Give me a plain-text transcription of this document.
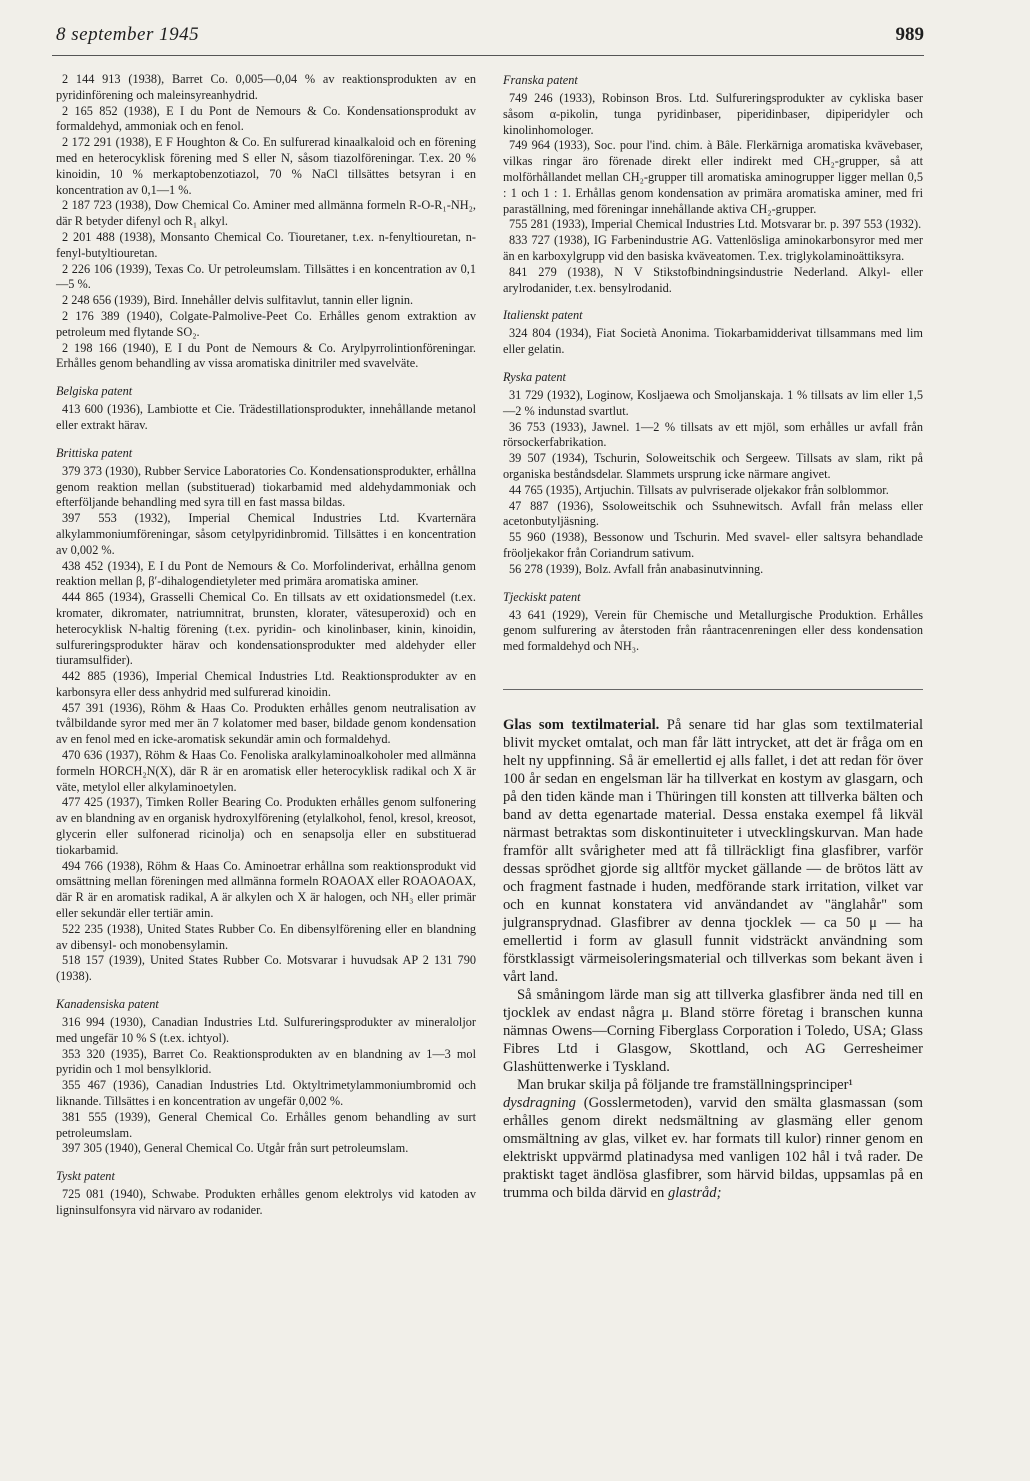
8 september 1945	989

2 144 913 (1938), Barret Co. 0,005—0,04 % av reaktionsprodukten av en pyridinförening och maleinsyreanhydrid.

2 165 852 (1938), E I du Pont de Nemours & Co. Kondensationsprodukt av formaldehyd, ammoniak och en fenol.

2 172 291 (1938), E F Houghton & Co. En sulfurerad kinaalkaloid och en förening med en heterocyklisk förening med S eller N, såsom tiazolföreningar. T.ex. 20 % kinoidin, 10 % merkaptobenzotiazol, 70 % NaCl tillsättes betsyran i en koncentration av 0,1—1 %.

2 187 723 (1938), Dow Chemical Co. Aminer med allmänna formeln R-O-R₁-NH₂, där R betyder difenyl och R₁ alkyl.

2 201 488 (1938), Monsanto Chemical Co. Tiouretaner, t.ex. n-fenyltiouretan, n-fenyl-butyltiouretan.

2 226 106 (1939), Texas Co. Ur petroleumslam. Tillsättes i en koncentration av 0,1—5 %.

2 248 656 (1939), Bird. Innehåller delvis sulfitavlut, tannin eller lignin.

2 176 389 (1940), Colgate-Palmolive-Peet Co. Erhålles genom extraktion av petroleum med flytande SO₂.

2 198 166 (1940), E I du Pont de Nemours & Co. Arylpyrrolintionföreningar. Erhålles genom behandling av vissa aromatiska dinitriler med svavelväte.

Belgiska patent

413 600 (1936), Lambiotte et Cie. Trädestillationsprodukter, innehållande metanol eller extrakt härav.

Brittiska patent

379 373 (1930), Rubber Service Laboratories Co. Kondensationsprodukter, erhållna genom reaktion mellan (substituerad) tiokarbamid med aldehydammoniak och efterföljande behandling med syra till en fast massa bildas.

397 553 (1932), Imperial Chemical Industries Ltd. Kvarternära alkylammoniumföreningar, såsom cetylpyridinbromid. Tillsättes i en koncentration av 0,002 %.

438 452 (1934), E I du Pont de Nemours & Co. Morfolinderivat, erhållna genom reaktion mellan β, β′-dihalogendietyleter med primära aromatiska aminer.

444 865 (1934), Grasselli Chemical Co. En tillsats av ett oxidationsmedel (t.ex. kromater, dikromater, natriumnitrat, brunsten, klorater, vätesuperoxid) och en heterocyklisk N-haltig förening (t.ex. pyridin- och kinolinbaser, kinin, kinoidin, sulfureringsprodukter härav och kondensationsprodukter med aldehyder eller tiuramsulfider).

442 885 (1936), Imperial Chemical Industries Ltd. Reaktionsprodukter av en karbonsyra eller dess anhydrid med sulfurerad kinoidin.

457 391 (1936), Röhm & Haas Co. Produkten erhålles genom neutralisation av tvålbildande syror med mer än 7 kolatomer med baser, bildade genom kondensation av en fenol med en icke-aromatisk sekundär amin och formaldehyd.

470 636 (1937), Röhm & Haas Co. Fenoliska aralkylaminoalkoholer med allmänna formeln HORCH₂N(X), där R är en aromatisk eller heterocyklisk radikal och X är väte, metylol eller alkylaminoetylen.

477 425 (1937), Timken Roller Bearing Co. Produkten erhålles genom sulfonering av en blandning av en organisk hydroxylförening (etylalkohol, fenol, kresol, kreosot, glycerin eller sulfonerad ricinolja) och en senapsolja eller en substituerad tiokarbamid.

494 766 (1938), Röhm & Haas Co. Aminoetrar erhållna som reaktionsprodukt vid omsättning mellan föreningen med allmänna formeln ROAOAX eller ROAOAOAX, där R är en aromatisk radikal, A är alkylen och X är halogen, och NH₃ eller primär eller sekundär eller tertiär amin.

522 235 (1938), United States Rubber Co. En dibensylförening eller en blandning av dibensyl- och monobensylamin.

518 157 (1939), United States Rubber Co. Motsvarar i huvudsak AP 2 131 790 (1938).

Kanadensiska patent

316 994 (1930), Canadian Industries Ltd. Sulfureringsprodukter av mineraloljor med ungefär 10 % S (t.ex. ichtyol).

353 320 (1935), Barret Co. Reaktionsprodukten av en blandning av 1—3 mol pyridin och 1 mol bensylklorid.

355 467 (1936), Canadian Industries Ltd. Oktyltrimetylammoniumbromid och liknande. Tillsättes i en koncentration av ungefär 0,002 %.

381 555 (1939), General Chemical Co. Erhålles genom behandling av surt petroleumslam.

397 305 (1940), General Chemical Co. Utgår från surt petroleumslam.

Tyskt patent

725 081 (1940), Schwabe. Produkten erhålles genom elektrolys vid katoden av ligninsulfonsyra vid närvaro av rodanider.

Franska patent

749 246 (1933), Robinson Bros. Ltd. Sulfureringsprodukter av cykliska baser såsom α-pikolin, tunga pyridinbaser, piperidinbaser, dipiperidyler och kinolinhomologer.

749 964 (1933), Soc. pour l'ind. chim. à Bâle. Flerkärniga aromatiska kvävebaser, vilkas ringar äro förenade direkt eller indirekt med CH₂-grupper, så att molförhållandet mellan CH₂-grupper till aromatiska aminogrupper ligger mellan 0,5 : 1 och 1 : 1. Erhållas genom kondensation av primära aromatiska aminer, med fri paraställning, med föreningar innehållande aktiva CH₂-grupper.

755 281 (1933), Imperial Chemical Industries Ltd. Motsvarar br. p. 397 553 (1932).

833 727 (1938), IG Farbenindustrie AG. Vattenlösliga aminokarbonsyror med mer än en karboxylgrupp vid den basiska kväveatomen. T.ex. triglykolaminoättiksyra.

841 279 (1938), N V Stikstofbindningsindustrie Nederland. Alkyl- eller arylrodanider, t.ex. bensylrodanid.

Italienskt patent

324 804 (1934), Fiat Società Anonima. Tiokarbamidderivat tillsammans med lim eller gelatin.

Ryska patent

31 729 (1932), Loginow, Kosljaewa och Smoljanskaja. 1 % tillsats av lim eller 1,5—2 % indunstad svartlut.

36 753 (1933), Jawnel. 1—2 % tillsats av ett mjöl, som erhålles ur avfall från rörsockerfabrikation.

39 507 (1934), Tschurin, Soloweitschik och Sergeew. Tillsats av slam, rikt på organiska beståndsdelar. Slammets ursprung icke närmare angivet.

44 765 (1935), Artjuchin. Tillsats av pulvriserade oljekakor från solblommor.

47 887 (1936), Ssoloweitschik och Ssuhnewitsch. Avfall från melass eller acetonbutyljäsning.

55 960 (1938), Bessonow und Tschurin. Med svavel- eller saltsyra behandlade fröoljekakor från Coriandrum sativum.

56 278 (1939), Bolz. Avfall från anabasinutvinning.

Tjeckiskt patent

43 641 (1929), Verein für Chemische und Metallurgische Produktion. Erhålles genom sulfurering av återstoden från råantracenreningen eller dess kondensation med formaldehyd och NH₃.

Glas som textilmaterial. På senare tid har glas som textilmaterial blivit mycket omtalat, och man får lätt intrycket, att det är fråga om en helt ny uppfinning. Så är emellertid ej alls fallet, i det att redan för över 100 år sedan en engelsman lär ha tillverkat en kostym av glasgarn, och på den tiden kände man i Thüringen till konsten att tillverka bälten och band av detta egenartade material. Dessa enstaka exempel få likväl närmast betraktas som diskontinuiteter i utvecklingskurvan. Man hade framför allt svårigheter med att få tillräckligt fina glasfibrer, varför dessas sprödhet gjorde sig alltför mycket gällande — de brötos lätt av och fragment fastnade i huden, medförande stark irritation, vilket var och en kunnat konstatera vid användandet av "änglahår" som julgransprydnad. Glasfibrer av denna tjocklek — ca 50 μ — ha emellertid i form av glasull funnit vidsträckt användning som förstklassigt värmeisoleringsmaterial och tillverkas som bekant även i vårt land.

Så småningom lärde man sig att tillverka glasfibrer ända ned till en tjocklek av endast några μ. Bland större företag i branschen kunna nämnas Owens—Corning Fiberglass Corporation i Toledo, USA; Glass Fibres Ltd i Glasgow, Skottland, och AG Gerresheimer Glashüttenwerke i Tyskland.

Man brukar skilja på följande tre framställningsprinciper¹

dysdragning (Gosslermetoden), varvid den smälta glasmassan (som erhålles genom direkt nedsmältning av glasmäng eller genom omsmältning av glas, vilket ev. har formats till kulor) rinner genom en elektriskt uppvärmd platinadysa med vanligen 102 hål i två rader. De praktiskt taget ändlösa glasfibrer, som härvid bildas, uppsamlas på en trumma och bilda därvid en glastråd;
